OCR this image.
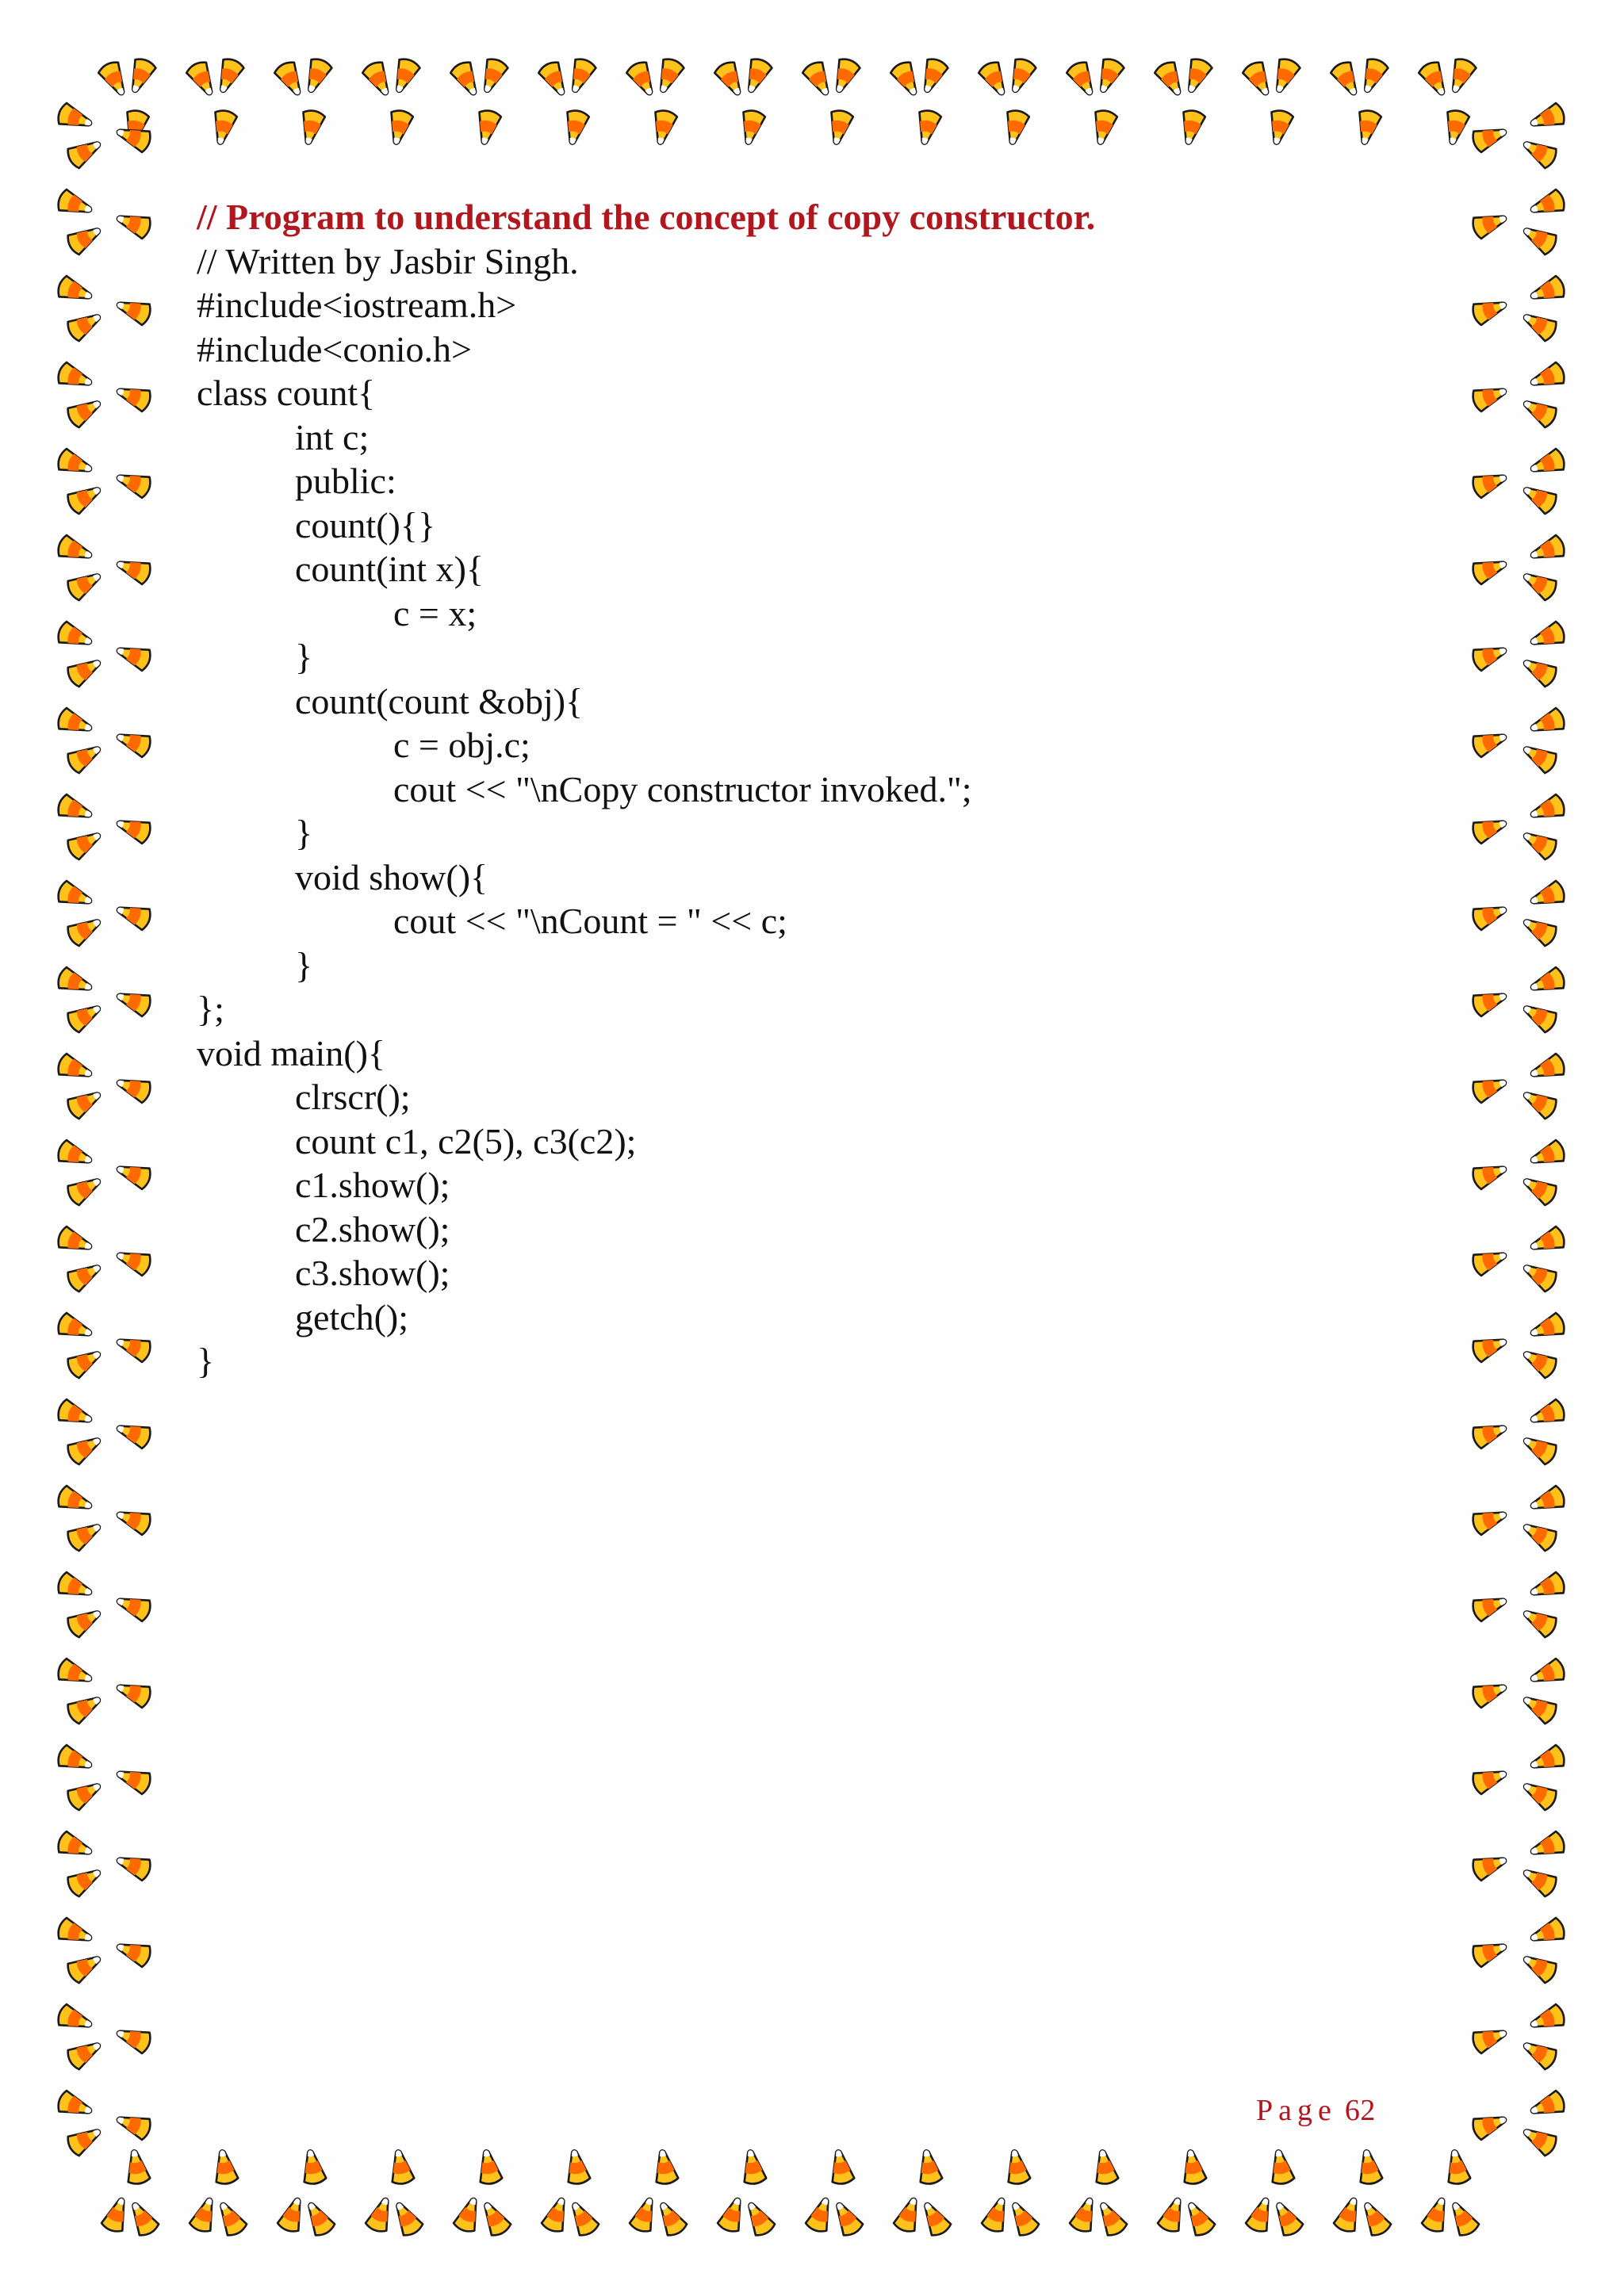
// Program to understand the concept of copy constructor.
// Written by Jasbir Singh.
#include<iostream.h>
#include<conio.h>
class count{
int c;
public:
count(){}
count(int x){
c = x;
}
count(count &obj){
c = obj.c;
cout << "\nCopy constructor invoked.";
}
void show(){
cout << "\nCount = " << c;
}
};
void main(){
clrscr();
count c1, c2(5), c3(c2);
c1.show();
c2.show();
c3.show();
getch();
}
Page 62
